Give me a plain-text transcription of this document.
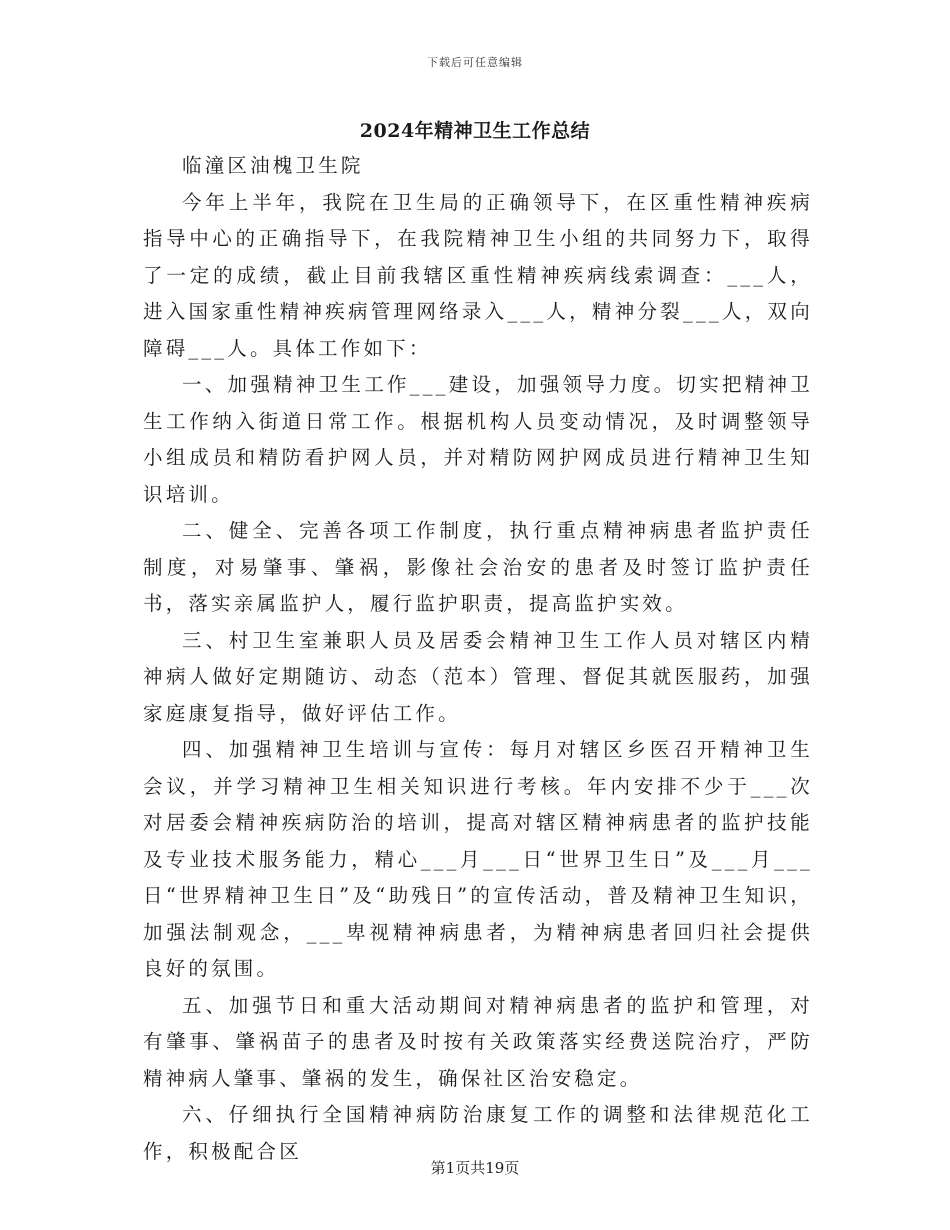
下载后可任意编辑
2024年精神卫生工作总结

临潼区油槐卫生院

今年上半年，我院在卫生局的正确领导下，在区重性精神疾病指导中心的正确指导下，在我院精神卫生小组的共同努力下，取得了一定的成绩，截止目前我辖区重性精神疾病线索调查：___人，进入国家重性精神疾病管理网络录入___人，精神分裂___人，双向障碍___人。具体工作如下：

一、加强精神卫生工作___建设，加强领导力度。切实把精神卫生工作纳入街道日常工作。根据机构人员变动情况，及时调整领导小组成员和精防看护网人员，并对精防网护网成员进行精神卫生知识培训。

二、健全、完善各项工作制度，执行重点精神病患者监护责任制度，对易肇事、肇祸，影像社会治安的患者及时签订监护责任书，落实亲属监护人，履行监护职责，提高监护实效。

三、村卫生室兼职人员及居委会精神卫生工作人员对辖区内精神病人做好定期随访、动态（范本）管理、督促其就医服药，加强家庭康复指导，做好评估工作。

四、加强精神卫生培训与宣传：每月对辖区乡医召开精神卫生会议，并学习精神卫生相关知识进行考核。年内安排不少于___次对居委会精神疾病防治的培训，提高对辖区精神病患者的监护技能及专业技术服务能力，精心___月___日“世界卫生日”及___月___日“世界精神卫生日”及“助残日”的宣传活动，普及精神卫生知识，加强法制观念，___卑视精神病患者，为精神病患者回归社会提供良好的氛围。

五、加强节日和重大活动期间对精神病患者的监护和管理，对有肇事、肇祸苗子的患者及时按有关政策落实经费送院治疗，严防精神病人肇事、肇祸的发生，确保社区治安稳定。

六、仔细执行全国精神病防治康复工作的调整和法律规范化工作，积极配合区

第1页共19页
